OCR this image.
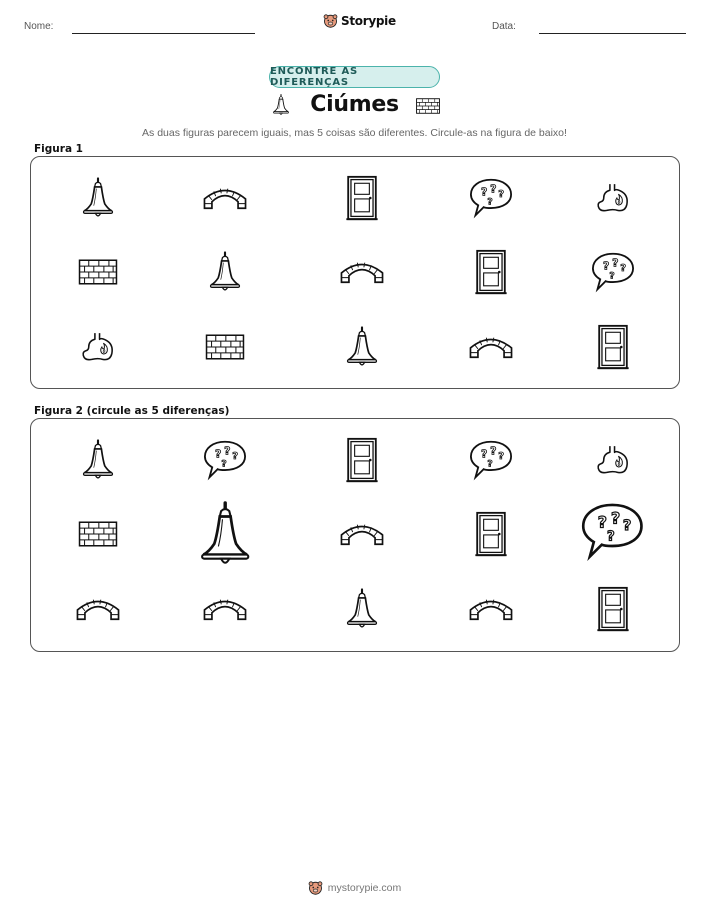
Nome:	Storypie	Data:
ENCONTRE AS DIFERENÇAS
Ciúmes
As duas figuras parecem iguais, mas 5 coisas são diferentes. Circule-as na figura de baixo!
Figura 1
Figura 2 (circule as 5 diferenças)
mystorypie.com
